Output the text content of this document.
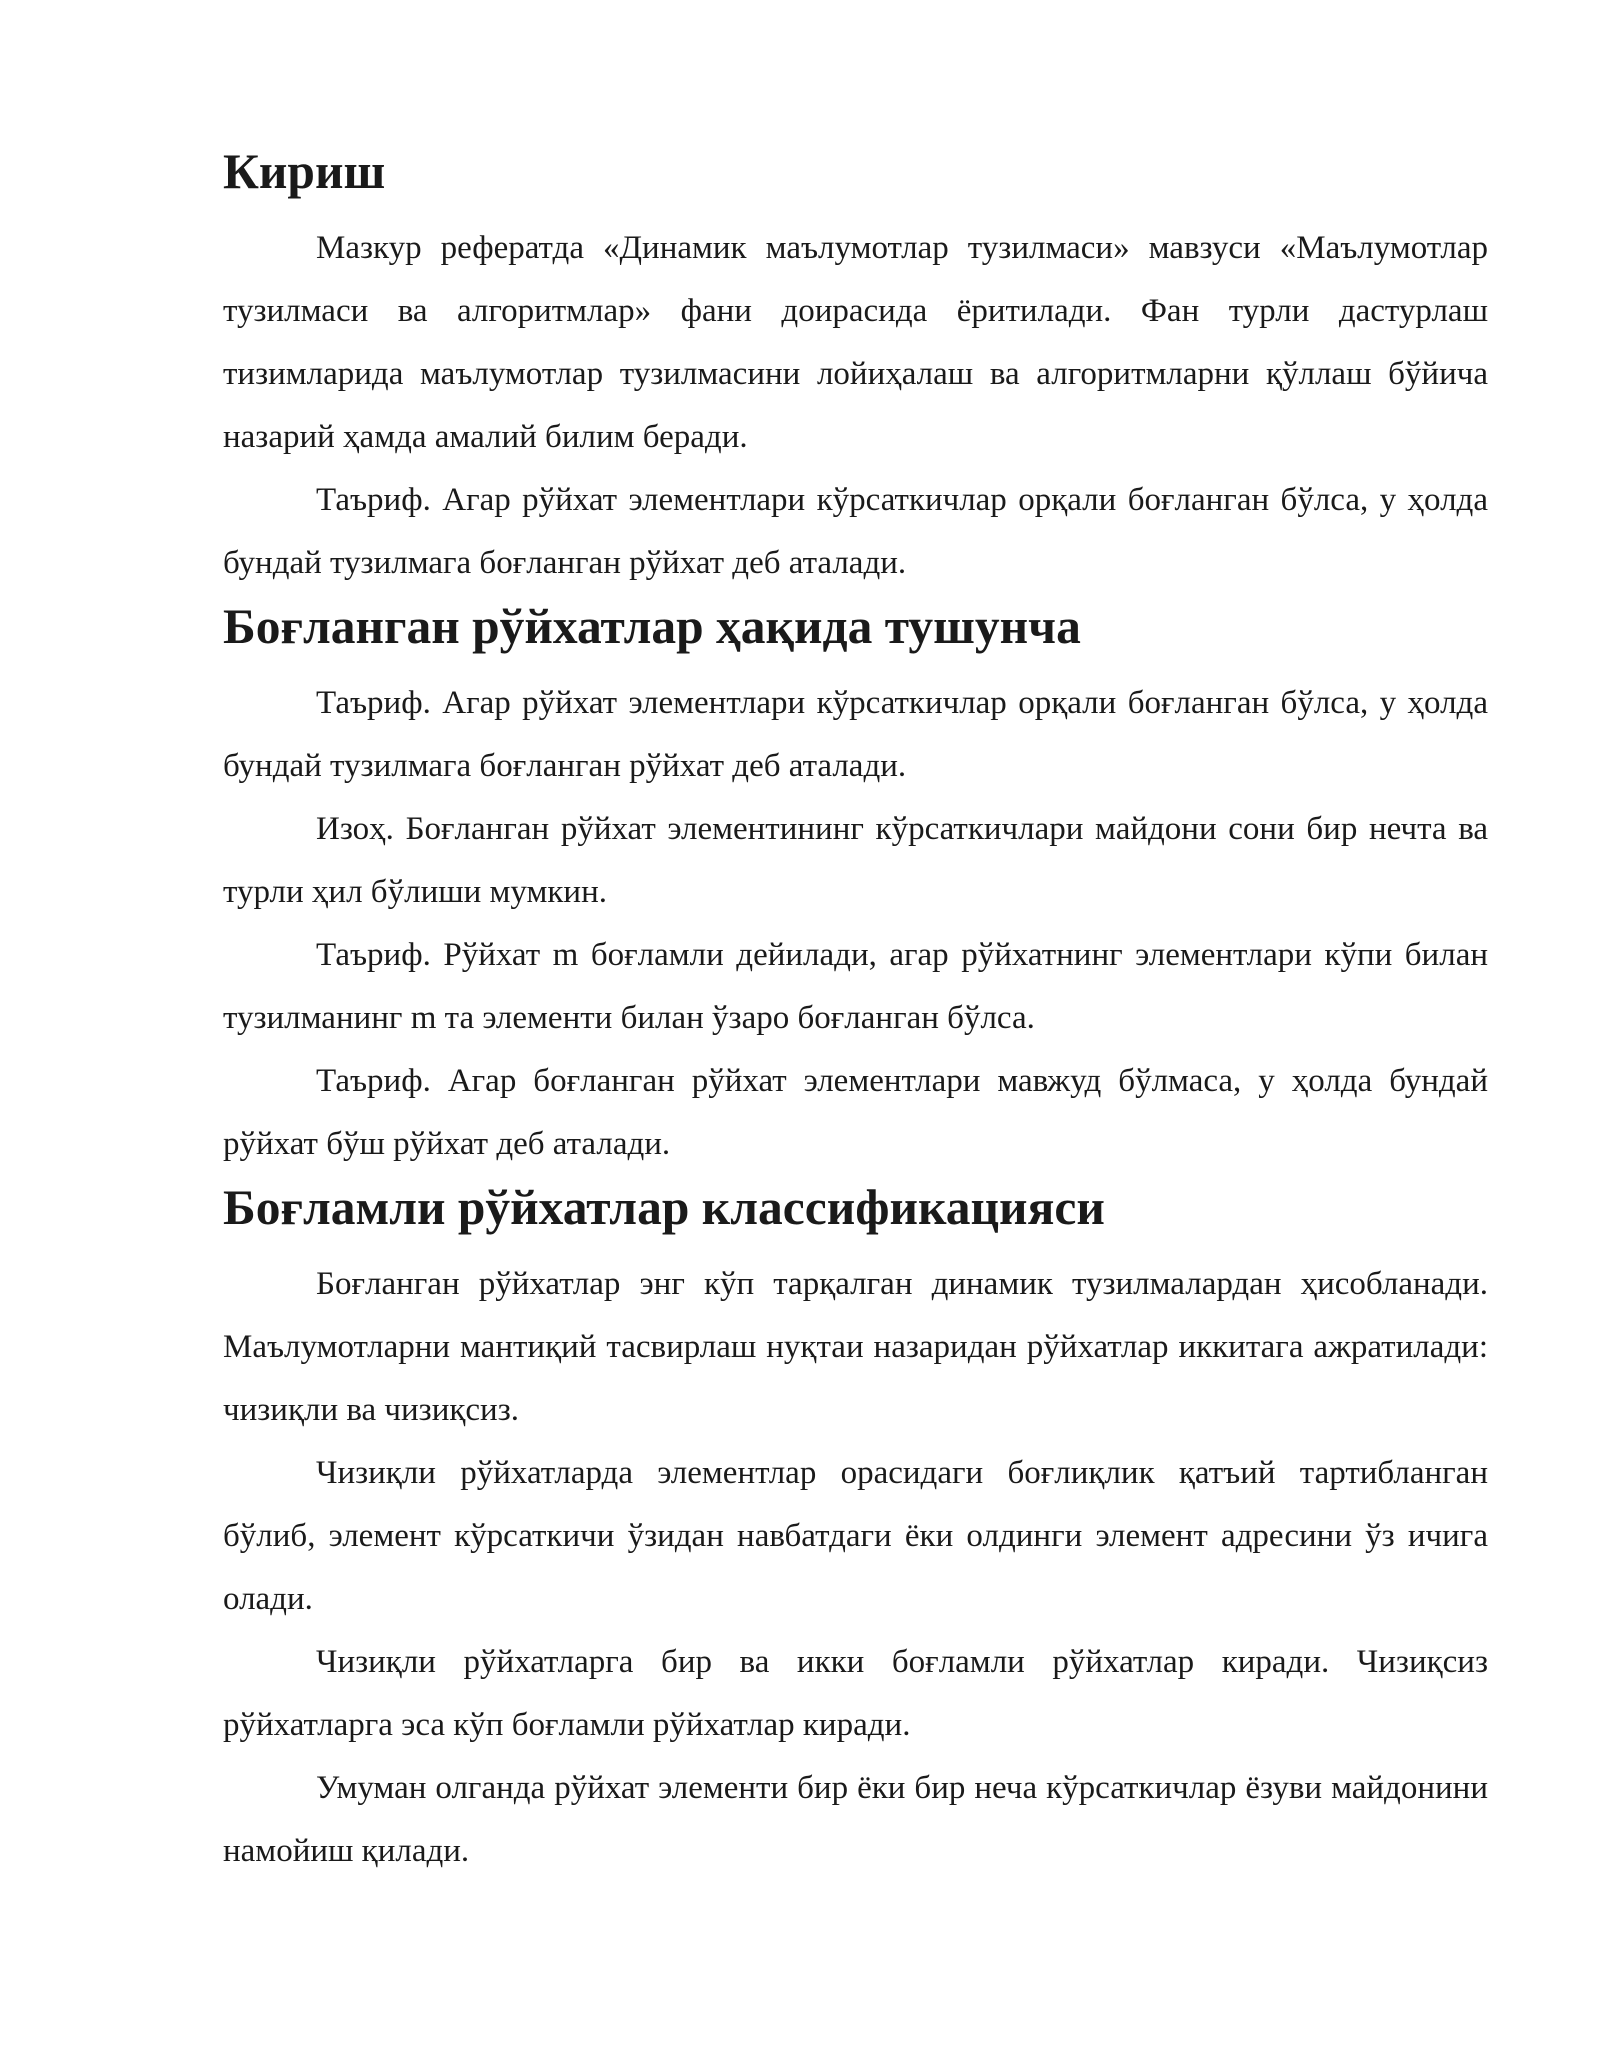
Кириш

Мазкур рефератда «Динамик маълумотлар тузилмаси» мавзуси «Маълумотлар тузилмаси ва алгоритмлар» фани доирасида ёритилади. Фан турли дастурлаш тизимларида маълумотлар тузилмасини лойиҳалаш ва алгоритмларни қўллаш бўйича назарий ҳамда амалий билим беради.

Таъриф. Агар рўйхат элементлари кўрсаткичлар орқали боғланган бўлса, у ҳолда бундай тузилмага боғланган рўйхат деб аталади.

Боғланган рўйхатлар ҳақида тушунча

Таъриф. Агар рўйхат элементлари кўрсаткичлар орқали боғланган бўлса, у ҳолда бундай тузилмага боғланган рўйхат деб аталади.

Изоҳ. Боғланган рўйхат элементининг кўрсаткичлари майдони сони бир нечта ва турли ҳил бўлиши мумкин.

Таъриф. Рўйхат m боғламли дейилади, агар рўйхатнинг элементлари кўпи билан тузилманинг m та элементи билан ўзаро боғланган бўлса.

Таъриф. Агар боғланган рўйхат элементлари мавжуд бўлмаса, у ҳолда бундай рўйхат бўш рўйхат деб аталади.

Боғламли рўйхатлар классификацияси

Боғланган рўйхатлар энг кўп тарқалган динамик тузилмалардан ҳисобланади. Маълумотларни мантиқий тасвирлаш нуқтаи назаридан рўйхатлар иккитага ажратилади: чизиқли ва чизиқсиз.

Чизиқли рўйхатларда элементлар орасидаги боғлиқлик қатъий тартибланган бўлиб, элемент кўрсаткичи ўзидан навбатдаги ёки олдинги элемент адресини ўз ичига олади.

Чизиқли рўйхатларга бир ва икки боғламли рўйхатлар киради. Чизиқсиз рўйхатларга эса кўп боғламли рўйхатлар киради.

Умуман олганда рўйхат элементи бир ёки бир неча кўрсаткичлар ёзуви майдонини намойиш қилади.
